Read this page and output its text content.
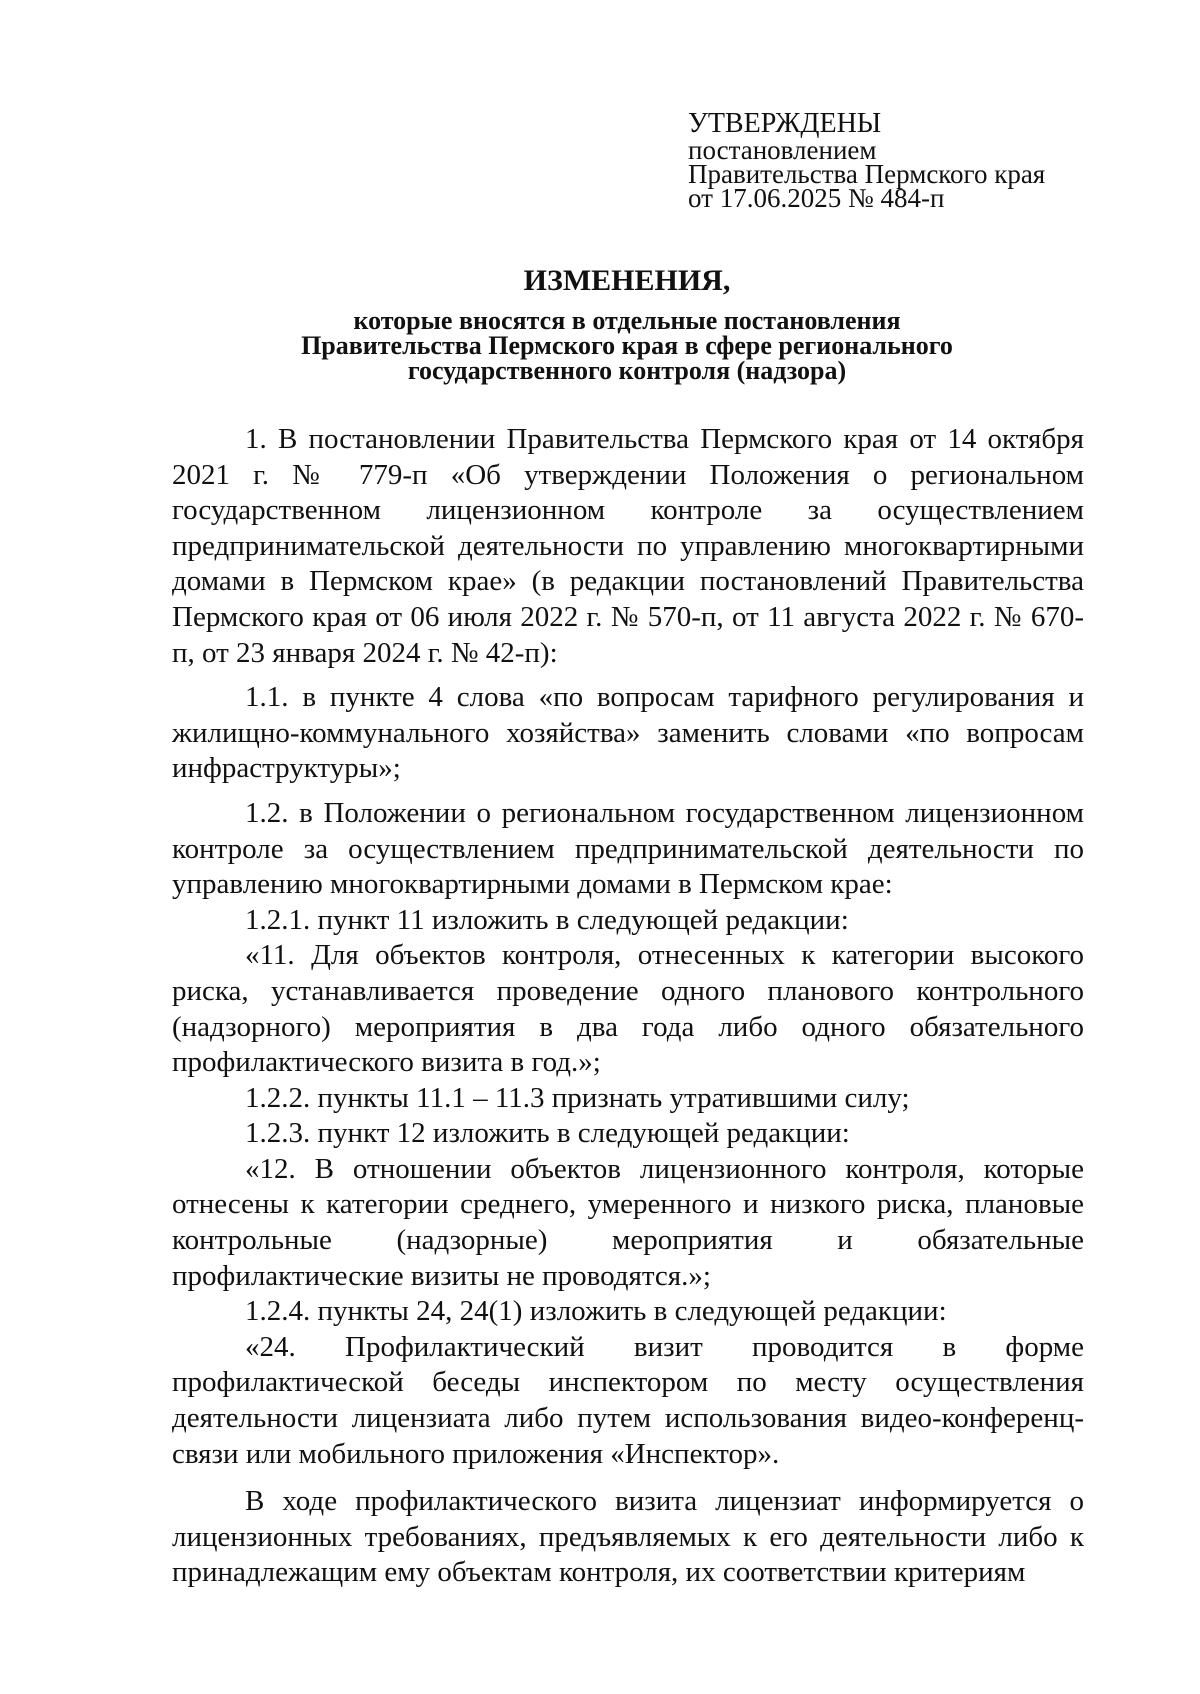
УТВЕРЖДЕНЫ
постановлением
Правительства Пермского края
от 17.06.2025 № 484-п
ИЗМЕНЕНИЯ,
которые вносятся в отдельные постановления
Правительства Пермского края в сфере регионального
государственного контроля (надзора)

1. В постановлении Правительства Пермского края от 14 октября 2021 г. № 779-п «Об утверждении Положения о региональном государственном лицензионном контроле за осуществлением предпринимательской деятельности по управлению многоквартирными домами в Пермском крае» (в редакции постановлений Правительства Пермского края от 06 июля 2022 г. № 570-п, от 11 августа 2022 г. № 670-п, от 23 января 2024 г. № 42-п):

1.1. в пункте 4 слова «по вопросам тарифного регулирования и жилищно-коммунального хозяйства» заменить словами «по вопросам инфраструктуры»;

1.2. в Положении о региональном государственном лицензионном контроле за осуществлением предпринимательской деятельности по управлению многоквартирными домами в Пермском крае:

1.2.1. пункт 11 изложить в следующей редакции:

«11. Для объектов контроля, отнесенных к категории высокого риска, устанавливается проведение одного планового контрольного (надзорного) мероприятия в два года либо одного обязательного профилактического визита в год.»;

1.2.2. пункты 11.1 – 11.3 признать утратившими силу;

1.2.3. пункт 12 изложить в следующей редакции:

«12. В отношении объектов лицензионного контроля, которые отнесены к категории среднего, умеренного и низкого риска, плановые контрольные (надзорные) мероприятия и обязательные профилактические визиты не проводятся.»;

1.2.4. пункты 24, 24(1) изложить в следующей редакции:

«24. Профилактический визит проводится в форме профилактической беседы инспектором по месту осуществления деятельности лицензиата либо путем использования видео-конференц-связи или мобильного приложения «Инспектор».

В ходе профилактического визита лицензиат информируется о лицензионных требованиях, предъявляемых к его деятельности либо к принадлежащим ему объектам контроля, их соответствии критериям
